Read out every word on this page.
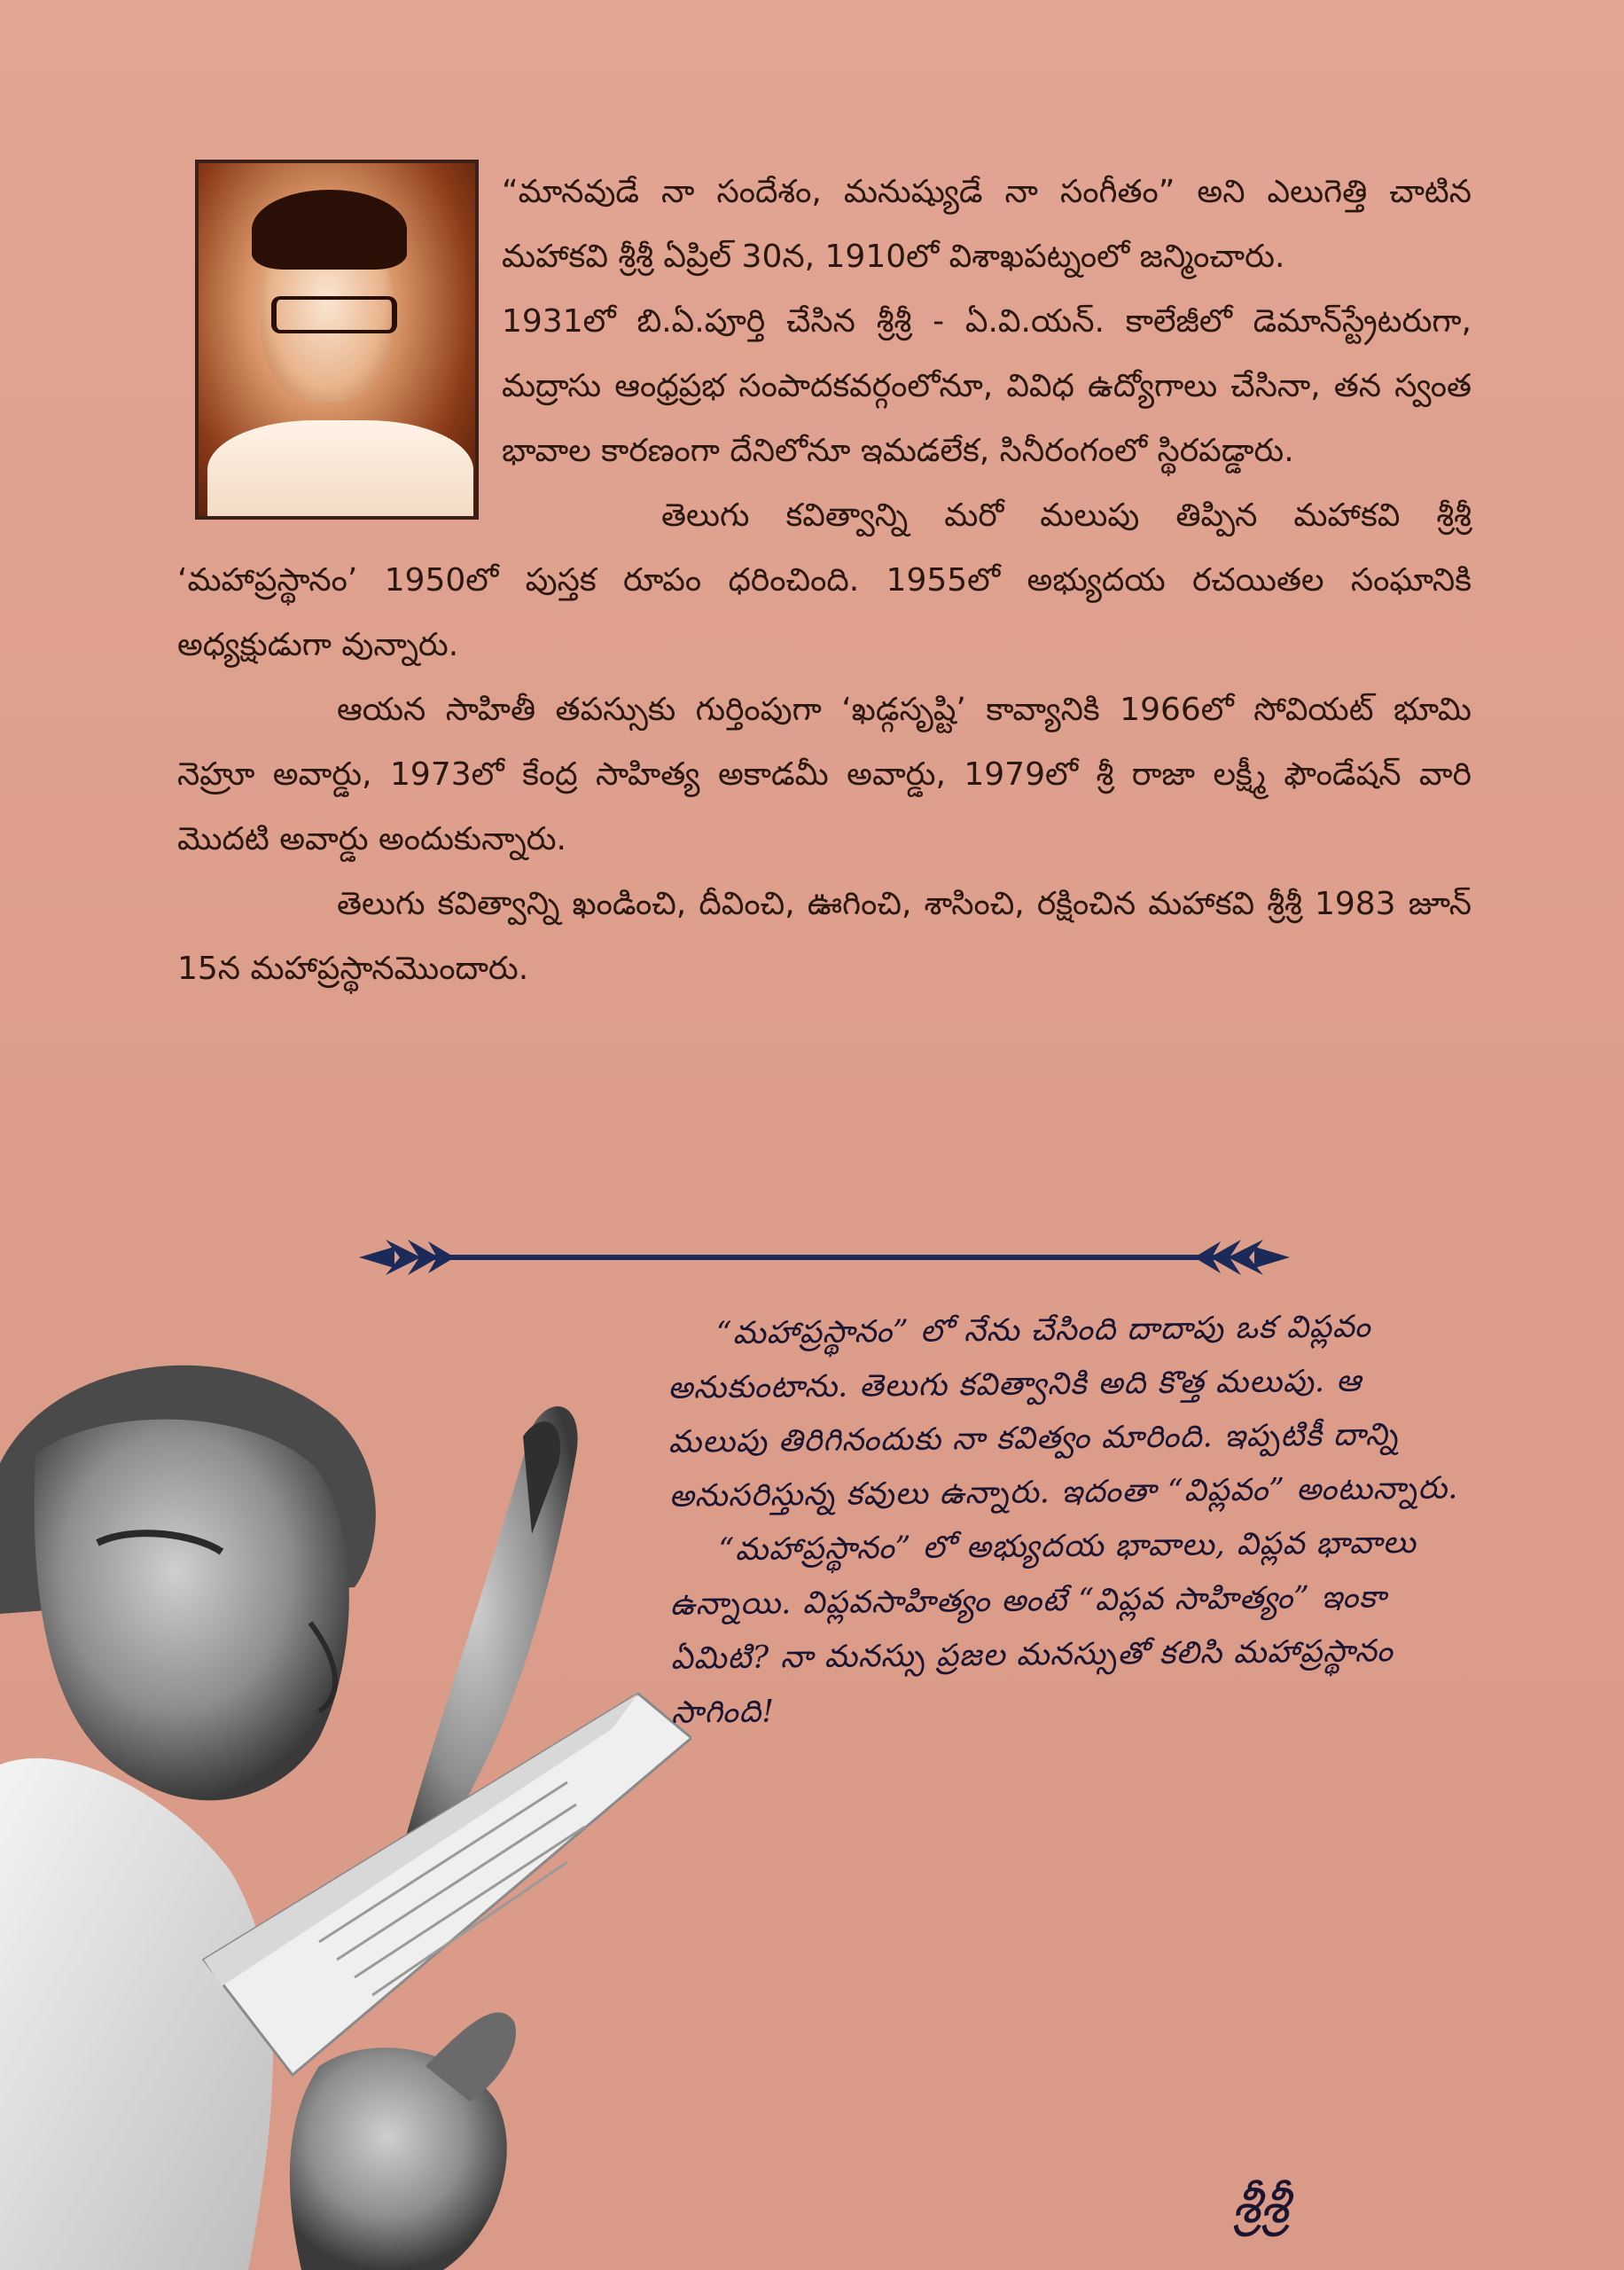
“మానవుడే నా సందేశం, మనుష్యుడే నా సంగీతం” అని ఎలుగెత్తి చాటిన మహాకవి శ్రీశ్రీ ఏప్రిల్ 30న, 1910లో విశాఖపట్నంలో జన్మించారు.

1931లో బి.ఏ.పూర్తి చేసిన శ్రీశ్రీ - ఏ.వి.యన్. కాలేజీలో డెమాన్‌స్ట్రేటరుగా, మద్రాసు ఆంధ్రప్రభ సంపాదకవర్గంలోనూ, వివిధ ఉద్యోగాలు చేసినా, తన స్వంత భావాల కారణంగా దేనిలోనూ ఇమడలేక, సినీరంగంలో స్థిరపడ్డారు.

తెలుగు కవిత్వాన్ని మరో మలుపు తిప్పిన మహాకవి శ్రీశ్రీ ‘మహాప్రస్థానం’ 1950లో పుస్తక రూపం ధరించింది. 1955లో అభ్యుదయ రచయితల సంఘానికి అధ్యక్షుడుగా వున్నారు.

ఆయన సాహితీ తపస్సుకు గుర్తింపుగా ‘ఖడ్గసృష్టి’ కావ్యానికి 1966లో సోవియట్ భూమి నెహ్రూ అవార్డు, 1973లో కేంద్ర సాహిత్య అకాడమీ అవార్డు, 1979లో శ్రీ రాజా లక్ష్మీ ఫౌండేషన్ వారి మొదటి అవార్డు అందుకున్నారు.

తెలుగు కవిత్వాన్ని ఖండించి, దీవించి, ఊగించి, శాసించి, రక్షించిన మహాకవి శ్రీశ్రీ 1983 జూన్ 15న మహాప్రస్థానమొందారు.

“మహాప్రస్థానం” లో నేను చేసింది దాదాపు ఒక విప్లవం అనుకుంటాను. తెలుగు కవిత్వానికి అది కొత్త మలుపు. ఆ మలుపు తిరిగినందుకు నా కవిత్వం మారింది. ఇప్పటికీ దాన్ని అనుసరిస్తున్న కవులు ఉన్నారు. ఇదంతా “విప్లవం” అంటున్నారు.

“మహాప్రస్థానం” లో అభ్యుదయ భావాలు, విప్లవ భావాలు ఉన్నాయి. విప్లవసాహిత్యం అంటే “విప్లవ సాహిత్యం” ఇంకా ఏమిటి? నా మనస్సు ప్రజల మనస్సుతో కలిసి మహాప్రస్థానం సాగింది!

శ్రీశ్రీ
